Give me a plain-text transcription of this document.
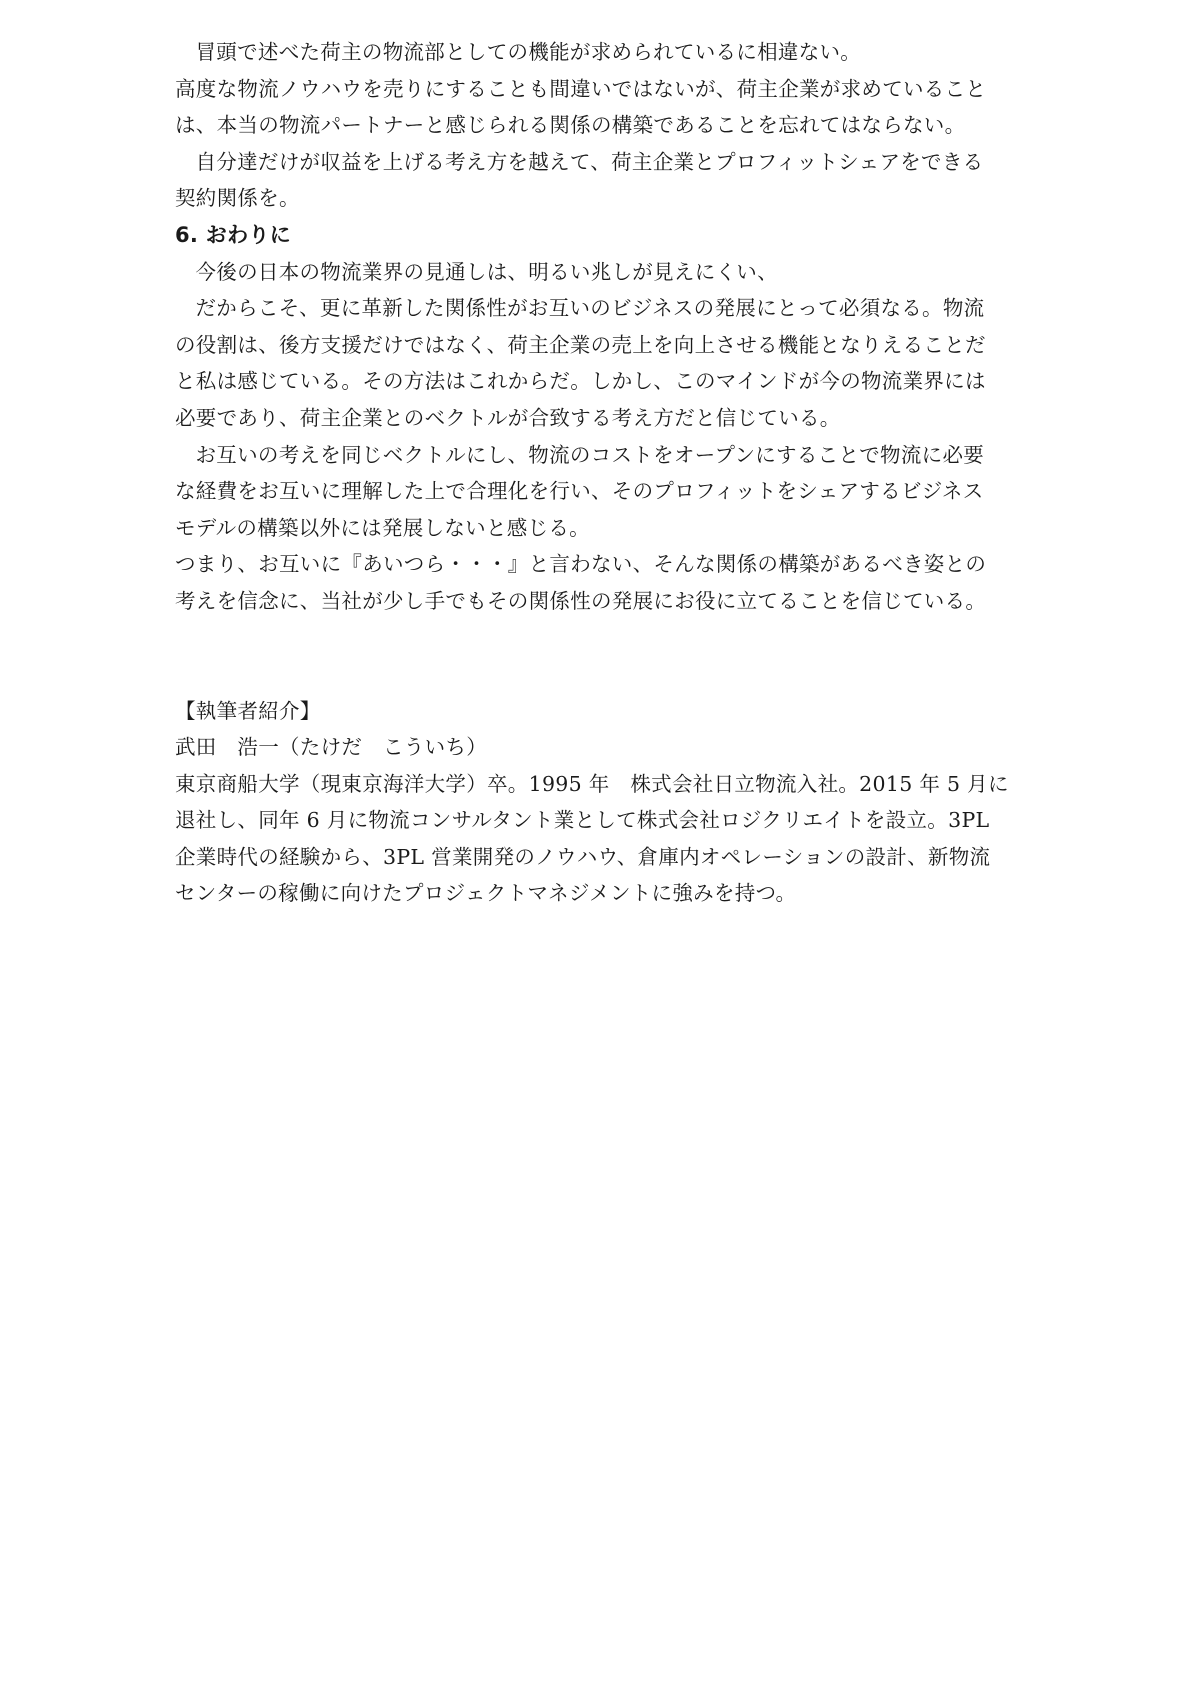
冒頭で述べた荷主の物流部としての機能が求められているに相違ない。

高度な物流ノウハウを売りにすることも間違いではないが、荷主企業が求めていること
は、本当の物流パートナーと感じられる関係の構築であることを忘れてはならない。

自分達だけが収益を上げる考え方を越えて、荷主企業とプロフィットシェアをできる
契約関係を。

6. おわりに

今後の日本の物流業界の見通しは、明るい兆しが見えにくい、

だからこそ、更に革新した関係性がお互いのビジネスの発展にとって必須なる。物流
の役割は、後方支援だけではなく、荷主企業の売上を向上させる機能となりえることだ
と私は感じている。その方法はこれからだ。しかし、このマインドが今の物流業界には
必要であり、荷主企業とのベクトルが合致する考え方だと信じている。

お互いの考えを同じベクトルにし、物流のコストをオープンにすることで物流に必要
な経費をお互いに理解した上で合理化を行い、そのプロフィットをシェアするビジネス
モデルの構築以外には発展しないと感じる。

つまり、お互いに『あいつら・・・』と言わない、そんな関係の構築があるべき姿との
考えを信念に、当社が少し手でもその関係性の発展にお役に立てることを信じている。

【執筆者紹介】

武田　浩一（たけだ　こういち）

東京商船大学（現東京海洋大学）卒。1995 年　株式会社日立物流入社。2015 年 5 月に
退社し、同年 6 月に物流コンサルタント業として株式会社ロジクリエイトを設立。3PL
企業時代の経験から、3PL 営業開発のノウハウ、倉庫内オペレーションの設計、新物流
センターの稼働に向けたプロジェクトマネジメントに強みを持つ。
